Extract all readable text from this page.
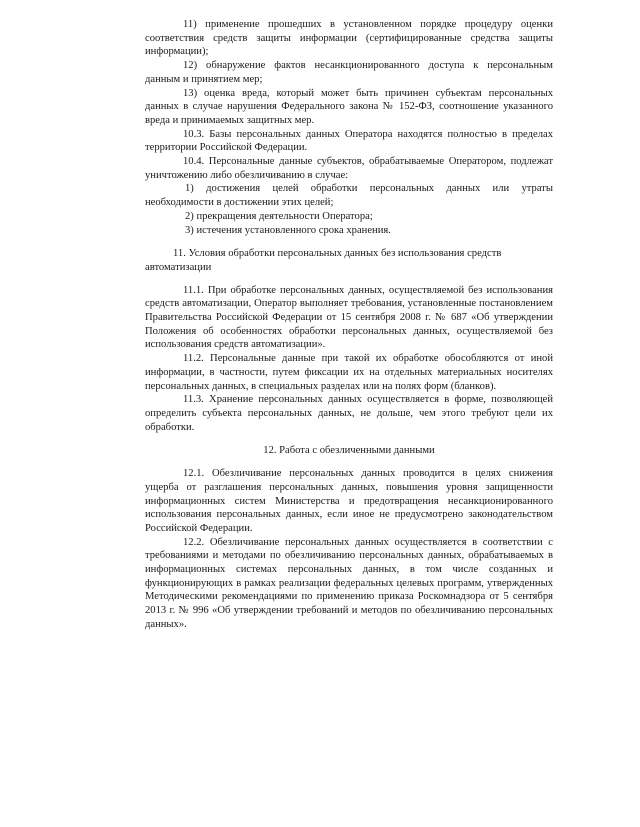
11) применение прошедших в установленном порядке процедуру оценки соответствия средств защиты информации (сертифицированные средства защиты информации);

12) обнаружение фактов несанкционированного доступа к персональным данным и принятием мер;

13) оценка вреда, который может быть причинен субъектам персональных данных в случае нарушения Федерального закона № 152-ФЗ, соотношение указанного вреда и принимаемых защитных мер.

10.3. Базы персональных данных Оператора находятся полностью в пределах территории Российской Федерации.

10.4. Персональные данные субъектов, обрабатываемые Оператором, подлежат уничтожению либо обезличиванию в случае:

1) достижения целей обработки персональных данных или утраты необходимости в достижении этих целей;

2) прекращения деятельности Оператора;

3) истечения установленного срока хранения.

11. Условия обработки персональных данных без использования средств автоматизации

11.1. При обработке персональных данных, осуществляемой без использования средств автоматизации, Оператор выполняет требования, установленные постановлением Правительства Российской Федерации от 15 сентября 2008 г. № 687 «Об утверждении Положения об особенностях обработки персональных данных, осуществляемой без использования средств автоматизации».

11.2. Персональные данные при такой их обработке обособляются от иной информации, в частности, путем фиксации их на отдельных материальных носителях персональных данных, в специальных разделах или на полях форм (бланков).

11.3. Хранение персональных данных осуществляется в форме, позволяющей определить субъекта персональных данных, не дольше, чем этого требуют цели их обработки.

12. Работа с обезличенными данными

12.1. Обезличивание персональных данных проводится в целях снижения ущерба от разглашения персональных данных, повышения уровня защищенности информационных систем Министерства и предотвращения несанкционированного использования персональных данных, если иное не предусмотрено законодательством Российской Федерации.

12.2. Обезличивание персональных данных осуществляется в соответствии с требованиями и методами по обезличиванию персональных данных, обрабатываемых в информационных системах персональных данных, в том числе созданных и функционирующих в рамках реализации федеральных целевых программ, утвержденных Методическими рекомендациями по применению приказа Роскомнадзора от 5 сентября 2013 г. № 996 «Об утверждении требований и методов по обезличиванию персональных данных».
